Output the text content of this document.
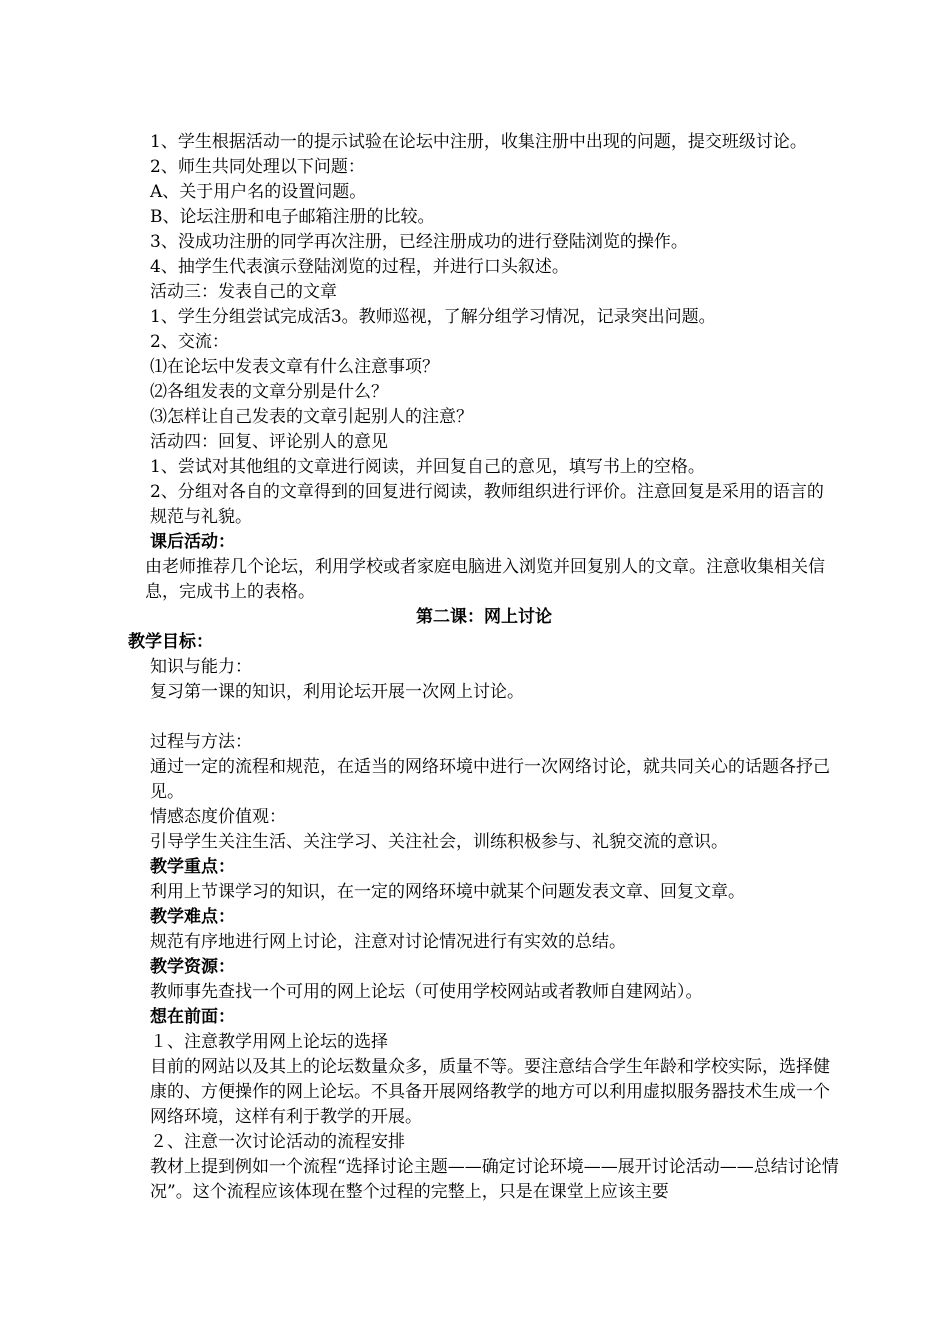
1、学生根据活动一的提示试验在论坛中注册，收集注册中出现的问题，提交班级讨论。

2、师生共同处理以下问题：

A、关于用户名的设置问题。

B、论坛注册和电子邮箱注册的比较。

3、没成功注册的同学再次注册，已经注册成功的进行登陆浏览的操作。

4、抽学生代表演示登陆浏览的过程，并进行口头叙述。

活动三：发表自己的文章

1、学生分组尝试完成活3。教师巡视，了解分组学习情况，记录突出问题。

2、交流：

⑴在论坛中发表文章有什么注意事项？

⑵各组发表的文章分别是什么？

⑶怎样让自己发表的文章引起别人的注意？

活动四：回复、评论别人的意见

1、尝试对其他组的文章进行阅读，并回复自己的意见，填写书上的空格。

2、分组对各自的文章得到的回复进行阅读，教师组织进行评价。注意回复是采用的语言的规范与礼貌。

课后活动：

由老师推荐几个论坛，利用学校或者家庭电脑进入浏览并回复别人的文章。注意收集相关信息，完成书上的表格。

第二课：网上讨论

教学目标：

知识与能力：

复习第一课的知识，利用论坛开展一次网上讨论。

过程与方法：

通过一定的流程和规范，在适当的网络环境中进行一次网络讨论，就共同关心的话题各抒己见。

情感态度价值观：

引导学生关注生活、关注学习、关注社会，训练积极参与、礼貌交流的意识。

教学重点：

利用上节课学习的知识，在一定的网络环境中就某个问题发表文章、回复文章。

教学难点：

规范有序地进行网上讨论，注意对讨论情况进行有实效的总结。

教学资源：

教师事先查找一个可用的网上论坛（可使用学校网站或者教师自建网站）。

想在前面：

１、注意教学用网上论坛的选择

目前的网站以及其上的论坛数量众多，质量不等。要注意结合学生年龄和学校实际，选择健康的、方便操作的网上论坛。不具备开展网络教学的地方可以利用虚拟服务器技术生成一个网络环境，这样有利于教学的开展。

２、注意一次讨论活动的流程安排

教材上提到例如一个流程“选择讨论主题——确定讨论环境——展开讨论活动——总结讨论情况”。这个流程应该体现在整个过程的完整上，只是在课堂上应该主要
